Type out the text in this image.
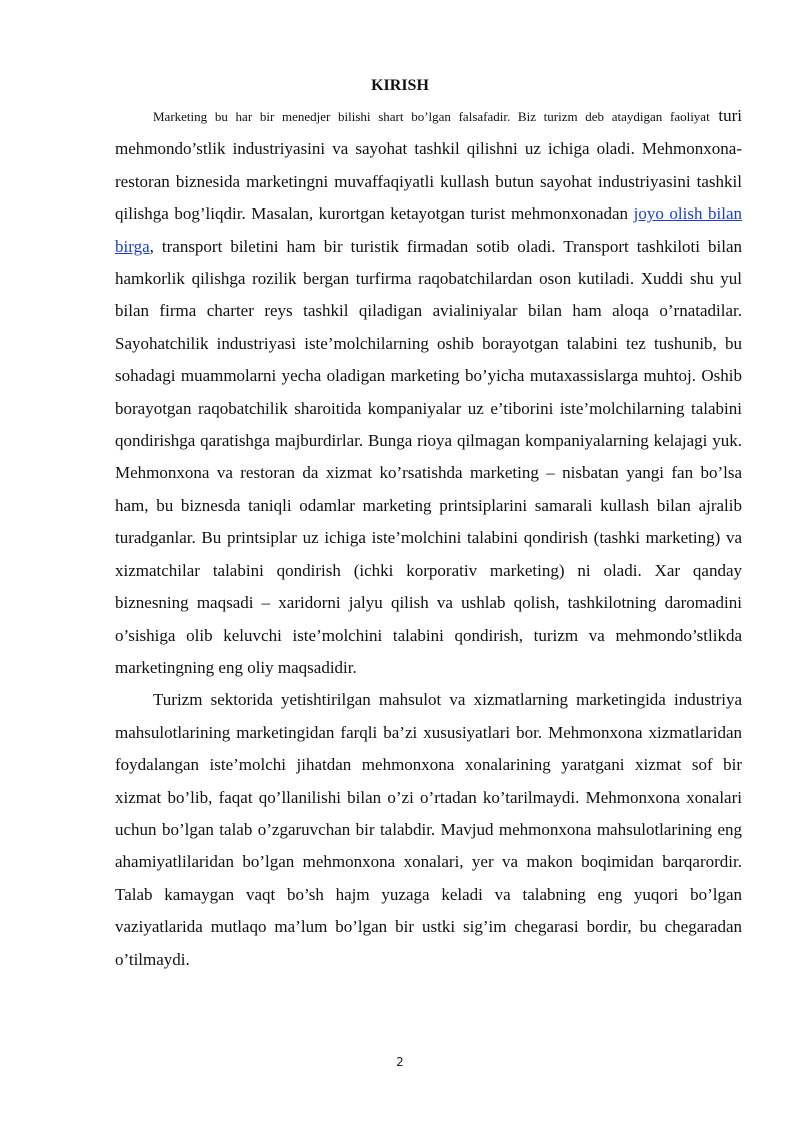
KIRISH

Marketing bu har bir menedjer bilishi shart bo’lgan falsafadir. Biz turizm deb ataydigan faoliyat turi mehmondo’stlik industriyasini va sayohat tashkil qilishni uz ichiga oladi. Mehmonxona-restoran biznesida marketingni muvaffaqiyatli kullash butun sayohat industriyasini tashkil qilishga bog’liqdir. Masalan, kurortgan ketayotgan turist mehmonxonadan joyo olish bilan birga, transport biletini ham bir turistik firmadan sotib oladi. Transport tashkiloti bilan hamkorlik qilishga rozilik bergan turfirma raqobatchilardan oson kutiladi. Xuddi shu yul bilan firma charter reys tashkil qiladigan avialiniyalar bilan ham aloqa o’rnatadilar. Sayohatchilik industriyasi iste’molchilarning oshib borayotgan talabini tez tushunib, bu sohadagi muammolarni yecha oladigan marketing bo’yicha mutaxassislarga muhtoj. Oshib borayotgan raqobatchilik sharoitida kompaniyalar uz e’tiborini iste’molchilarning talabini qondirishga qaratishga majburdirlar. Bunga rioya qilmagan kompaniyalarning kelajagi yuk. Mehmonxona va restoran da xizmat ko’rsatishda marketing – nisbatan yangi fan bo’lsa ham, bu biznesda taniqli odamlar marketing printsiplarini samarali kullash bilan ajralib turadganlar. Bu printsiplar uz ichiga iste’molchini talabini qondirish (tashki marketing) va xizmatchilar talabini qondirish (ichki korporativ marketing) ni oladi. Xar qanday biznesning maqsadi – xaridorni jalyu qilish va ushlab qolish, tashkilotning daromadini o’sishiga olib keluvchi iste’molchini talabini qondirish, turizm va mehmondo’stlikda marketingning eng oliy maqsadidir.

Turizm sektorida yetishtirilgan mahsulot va xizmatlarning marketingida industriya mahsulotlarining marketingidan farqli ba’zi xususiyatlari bor. Mehmonxona xizmatlaridan foydalangan iste’molchi jihatdan mehmonxona xonalarining yaratgani xizmat sof bir xizmat bo’lib, faqat qo’llanilishi bilan o’zi o’rtadan ko’tarilmaydi. Mehmonxona xonalari uchun bo’lgan talab o’zgaruvchan bir talabdir. Mavjud mehmonxona mahsulotlarining eng ahamiyatlilaridan bo’lgan mehmonxona xonalari, yer va makon boqimidan barqarordir. Talab kamaygan vaqt bo’sh hajm yuzaga keladi va talabning eng yuqori bo’lgan vaziyatlarida mutlaqo ma’lum bo’lgan bir ustki sig’im chegarasi bordir, bu chegaradan o’tilmaydi.

2
